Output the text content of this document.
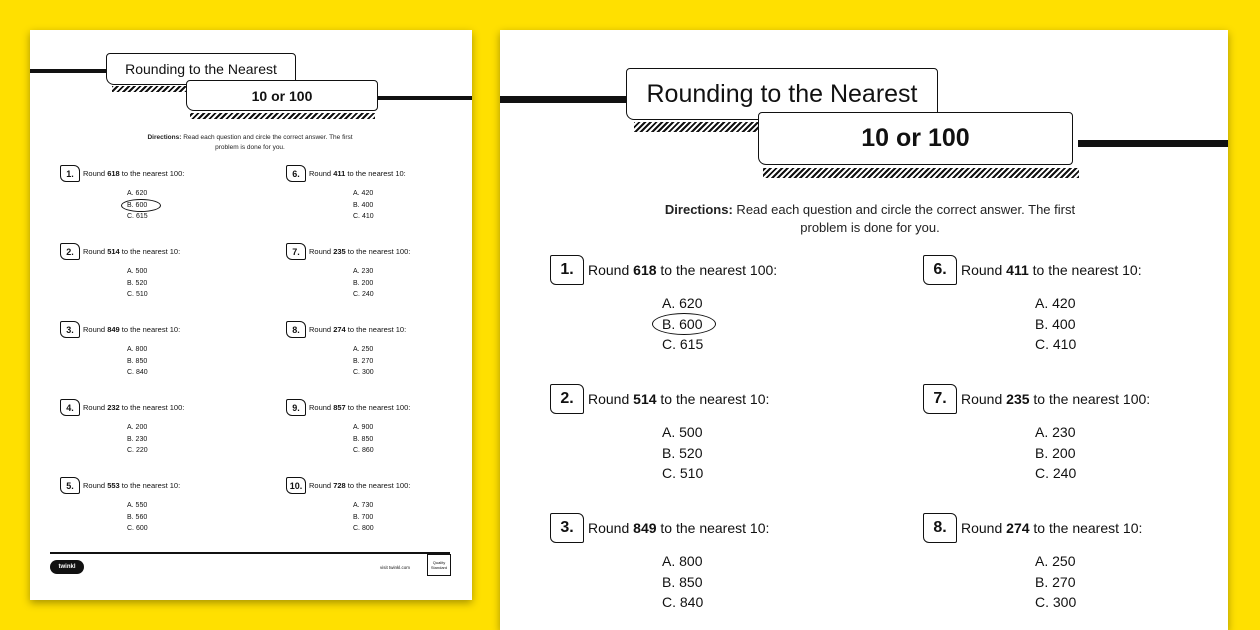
Rounding to the Nearest
10 or 100
Directions: Read each question and circle the correct answer. The first
problem is done for you.
1.	Round 618 to the nearest 100:
A. 620
B. 600
C. 615
2.	Round 514 to the nearest 10:
A. 500
B. 520
C. 510
3.	Round 849 to the nearest 10:
A. 800
B. 850
C. 840
4.	Round 232 to the nearest 100:
A. 200
B. 230
C. 220
5.	Round 553 to the nearest 10:
A. 550
B. 560
C. 600
6.	Round 411 to the nearest 10:
A. 420
B. 400
C. 410
7.	Round 235 to the nearest 100:
A. 230
B. 200
C. 240
8.	Round 274 to the nearest 10:
A. 250
B. 270
C. 300
9.	Round 857 to the nearest 100:
A. 900
B. 850
C. 860
10. Round 728 to the nearest 100:
A. 730
B. 700
C. 800
twinkl	visit twinkl.com
Quality Standard
Rounding to the Nearest
10 or 100
Directions: Read each question and circle the correct answer. The first
problem is done for you.
1.	Round 618 to the nearest 100:
A. 620
B. 600
C. 615
2.	Round 514 to the nearest 10:
A. 500
B. 520
C. 510
3.	Round 849 to the nearest 10:
A. 800
B. 850
C. 840
6.	Round 411 to the nearest 10:
A. 420
B. 400
C. 410
7.	Round 235 to the nearest 100:
A. 230
B. 200
C. 240
8.	Round 274 to the nearest 10:
A. 250
B. 270
C. 300
